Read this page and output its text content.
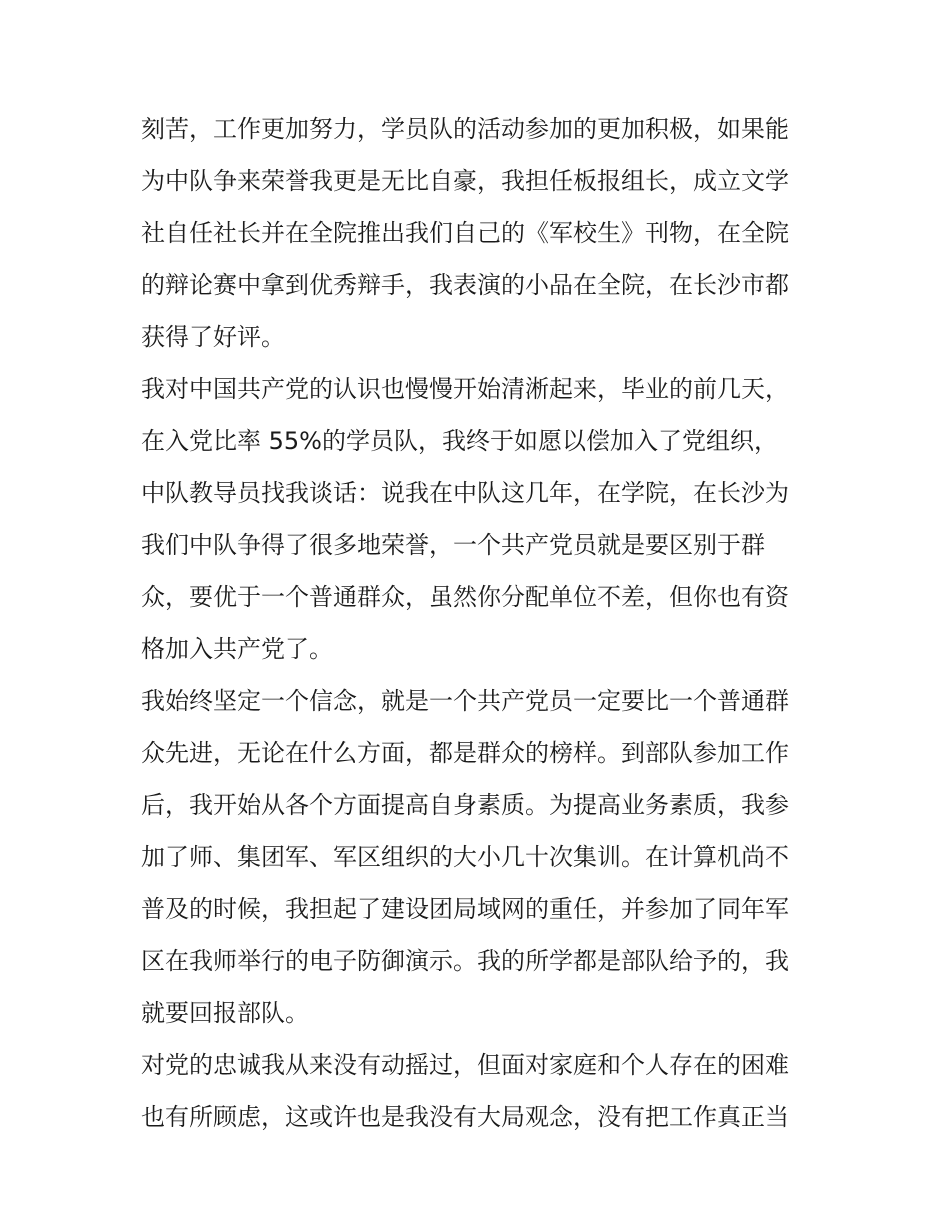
刻苦，工作更加努力，学员队的活动参加的更加积极，如果能
为中队争来荣誉我更是无比自豪，我担任板报组长，成立文学
社自任社长并在全院推出我们自己的《军校生》刊物，在全院
的辩论赛中拿到优秀辩手，我表演的小品在全院，在长沙市都
获得了好评。
我对中国共产党的认识也慢慢开始清淅起来，毕业的前几天，
在入党比率 55%的学员队，我终于如愿以偿加入了党组织，
中队教导员找我谈话：说我在中队这几年，在学院，在长沙为
我们中队争得了很多地荣誉，一个共产党员就是要区别于群
众，要优于一个普通群众，虽然你分配单位不差，但你也有资
格加入共产党了。
我始终坚定一个信念，就是一个共产党员一定要比一个普通群
众先进，无论在什么方面，都是群众的榜样。到部队参加工作
后，我开始从各个方面提高自身素质。为提高业务素质，我参
加了师、集团军、军区组织的大小几十次集训。在计算机尚不
普及的时候，我担起了建设团局域网的重任，并参加了同年军
区在我师举行的电子防御演示。我的所学都是部队给予的，我
就要回报部队。
对党的忠诚我从来没有动摇过，但面对家庭和个人存在的困难
也有所顾虑，这或许也是我没有大局观念，没有把工作真正当
